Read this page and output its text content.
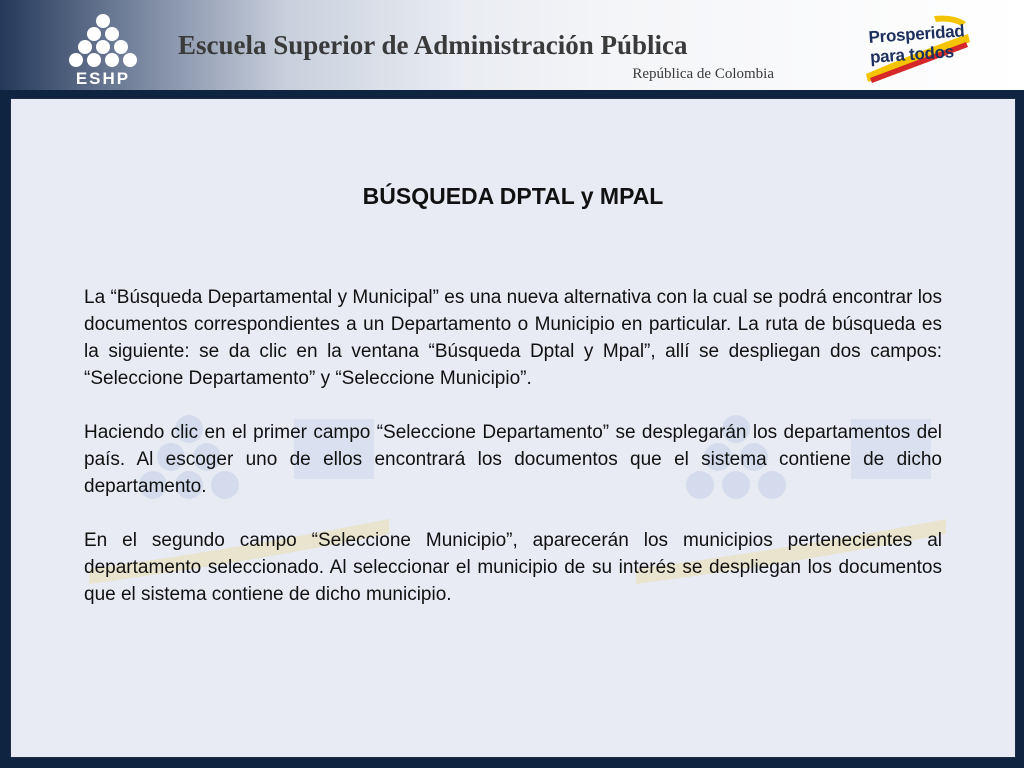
ESHP
Escuela Superior de Administración Pública
República de Colombia
Prosperidad
para todos
BÚSQUEDA DPTAL y MPAL

La “Búsqueda Departamental y Municipal” es una nueva alternativa con la cual se podrá encontrar los documentos correspondientes a un Departamento o Municipio en particular. La ruta de búsqueda es la siguiente: se da clic en la ventana “Búsqueda Dptal y Mpal”, allí se despliegan dos campos: “Seleccione Departamento” y “Seleccione Municipio”.

Haciendo clic en el primer campo “Seleccione Departamento” se desplegarán los departamentos del país. Al escoger uno de ellos encontrará los documentos que el sistema contiene de dicho departamento.

En el segundo campo “Seleccione Municipio”, aparecerán los municipios pertenecientes al departamento seleccionado. Al seleccionar el municipio de su interés se despliegan los documentos que el sistema contiene de dicho municipio.
